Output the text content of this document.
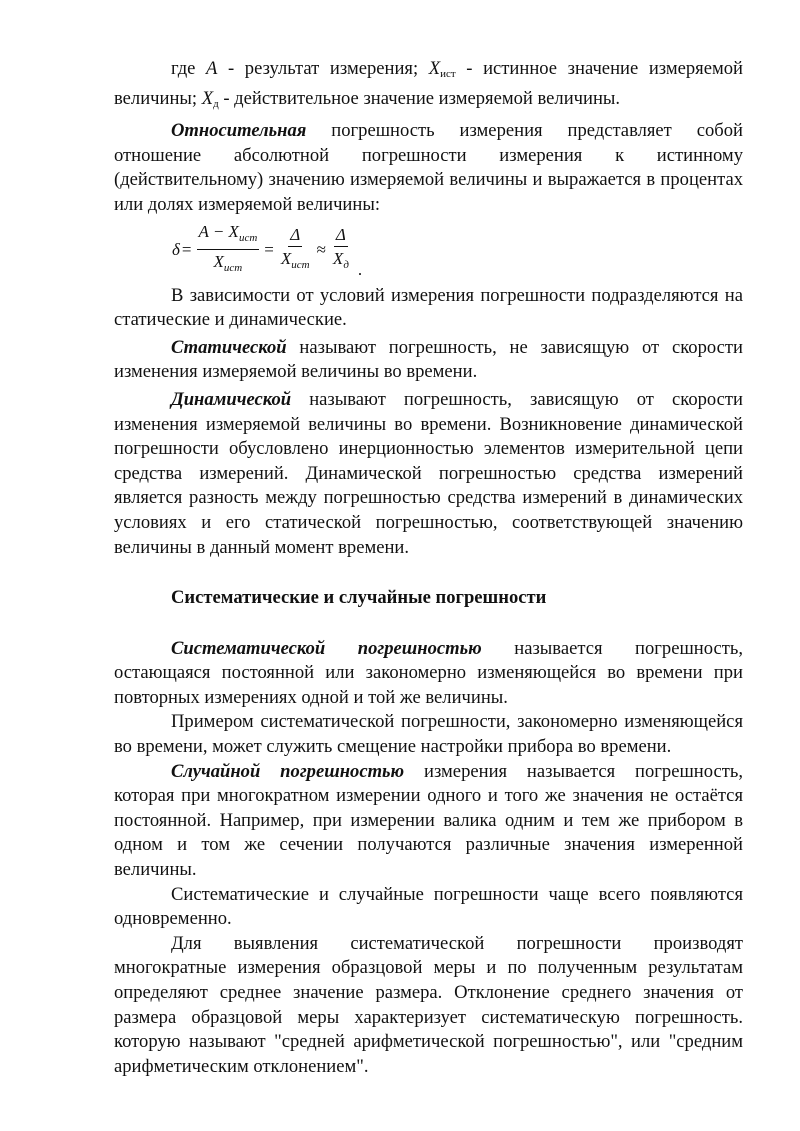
где A - результат измерения; $X_{ист}$ - истинное значение измеряемой величины; $X_д$ - действительное значение измеряемой величины.

Относительная погрешность измерения представляет собой отношение абсолютной погрешности измерения к истинному (действительному) значению измеряемой величины и выражается в процентах или долях измеряемой величины:

$\delta = \frac{A - X_{ист}}{X_{ист}} = \frac{\Delta}{X_{ист}} \approx \frac{\Delta}{X_д}$ .

В зависимости от условий измерения погрешности подразделяются на статические и динамические.

Статической называют погрешность, не зависящую от скорости изменения измеряемой величины во времени.

Динамической называют погрешность, зависящую от скорости изменения измеряемой величины во времени. Возникновение динамической погрешности обусловлено инерционностью элементов измерительной цепи средства измерений. Динамической погрешностью средства измерений является разность между погрешностью средства измерений в динамических условиях и его статической погрешностью, соответствующей значению величины в данный момент времени.

Систематические и случайные погрешности

Систематической погрешностью называется погрешность, остающаяся постоянной или закономерно изменяющейся во времени при повторных измерениях одной и той же величины.

Примером систематической погрешности, закономерно изменяющейся во времени, может служить смещение настройки прибора во времени.

Случайной погрешностью измерения называется погрешность, которая при многократном измерении одного и того же значения не остаётся постоянной. Например, при измерении валика одним и тем же прибором в одном и том же сечении получаются различные значения измеренной величины.

Систематические и случайные погрешности чаще всего появляются одновременно.

Для выявления систематической погрешности производят многократные измерения образцовой меры и по полученным результатам определяют среднее значение размера. Отклонение среднего значения от размера образцовой меры характеризует систематическую погрешность. которую называют "средней арифметической погрешностью", или "средним арифметическим отклонением".
